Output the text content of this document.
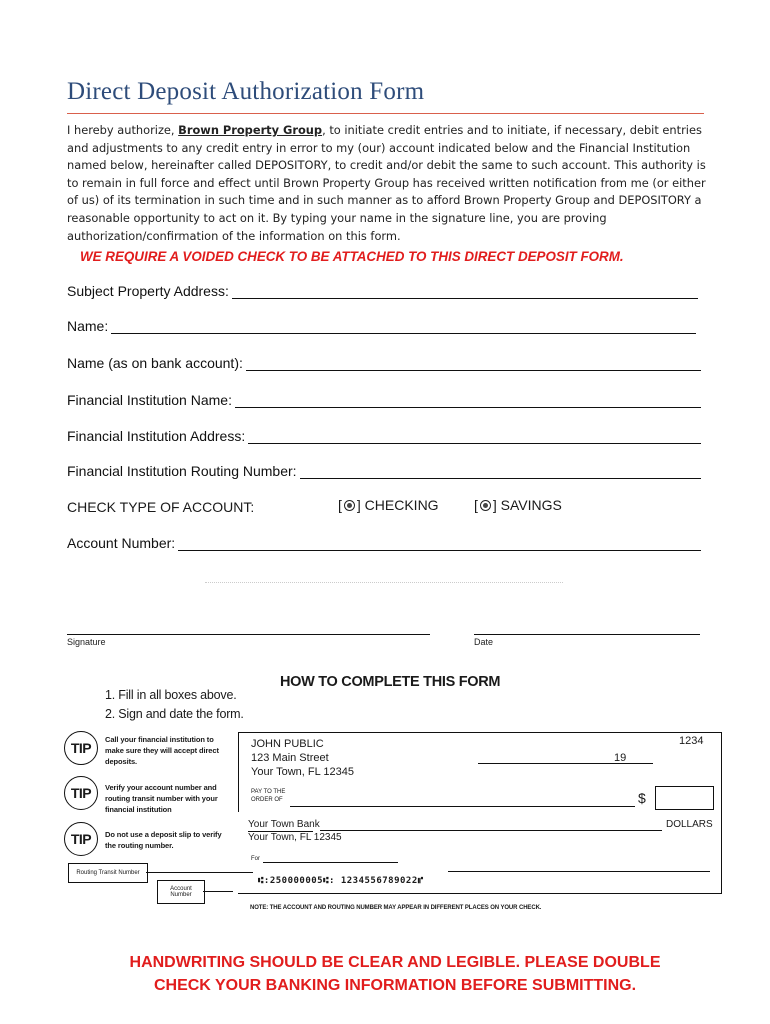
Direct Deposit Authorization Form
I hereby authorize, Brown Property Group, to initiate credit entries and to initiate, if necessary, debit entries and adjustments to any credit entry in error to my (our) account indicated below and the Financial Institution named below, hereinafter called DEPOSITORY, to credit and/or debit the same to such account. This authority is to remain in full force and effect until Brown Property Group has received written notification from me (or either of us) of its termination in such time and in such manner as to afford Brown Property Group and DEPOSITORY a reasonable opportunity to act on it. By typing your name in the signature line, you are proving authorization/confirmation of the information on this form.
WE REQUIRE A VOIDED CHECK TO BE ATTACHED TO THIS DIRECT DEPOSIT FORM.
Subject Property Address:
Name:
Name (as on bank account):
Financial Institution Name:
Financial Institution Address:
Financial Institution Routing Number:
CHECK TYPE OF ACCOUNT:	[ ] CHECKING	[ ] SAVINGS
Account Number:
Signature	Date
HOW TO COMPLETE THIS FORM
1. Fill in all boxes above.
2. Sign and date the form.
TIP
Call your financial institution to make sure they will accept direct deposits.
TIP	Verify your account number and routing transit number with your financial institution
TIP	Do not use a deposit slip to verify the routing number.
JOHN PUBLIC
123 Main Street
Your Town, FL 12345
1234
19
PAY TO THE
ORDER OF	$
Your Town Bank
Your Town, FL 12345
DOLLARS
For
⑆:250000005⑆: 1234556789022⑈
Routing Transit Number
Account
Number
NOTE: THE ACCOUNT AND ROUTING NUMBER MAY APPEAR IN DIFFERENT PLACES ON YOUR CHECK.
HANDWRITING SHOULD BE CLEAR AND LEGIBLE. PLEASE DOUBLE
CHECK YOUR BANKING INFORMATION BEFORE SUBMITTING.
